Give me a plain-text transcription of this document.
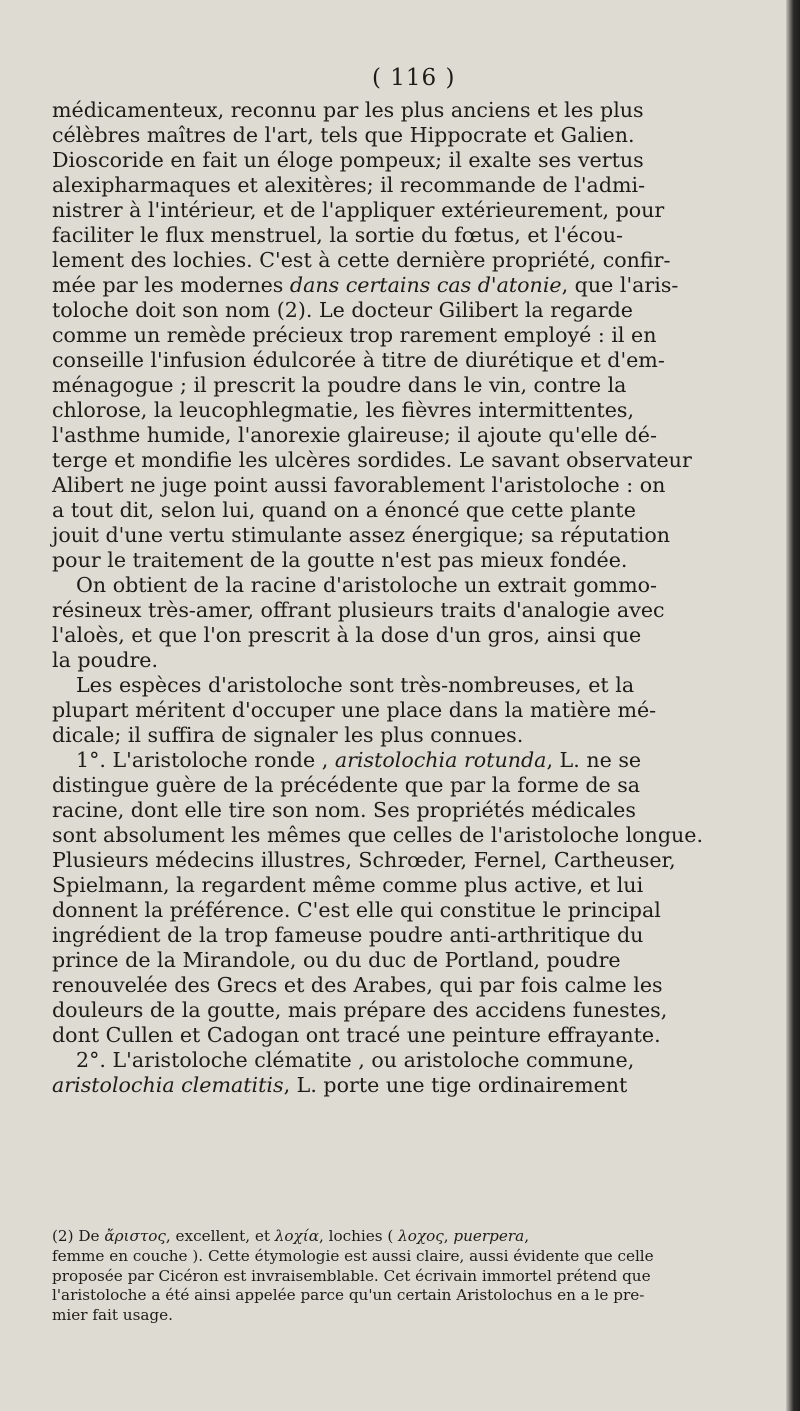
( 116 )

médicamenteux, reconnu par les plus anciens et les plus
célèbres maîtres de l'art, tels que Hippocrate et Galien.
Dioscoride en fait un éloge pompeux; il exalte ses vertus
alexipharmaques et alexitères; il recommande de l'admi-
nistrer à l'intérieur, et de l'appliquer extérieurement, pour
faciliter le flux menstruel, la sortie du fœtus, et l'écou-
lement des lochies. C'est à cette dernière propriété, confir-
mée par les modernes dans certains cas d'atonie, que l'aris-
toloche doit son nom (2). Le docteur Gilibert la regarde
comme un remède précieux trop rarement employé : il en
conseille l'infusion édulcorée à titre de diurétique et d'em-
ménagogue ; il prescrit la poudre dans le vin, contre la
chlorose, la leucophlegmatie, les fièvres intermittentes,
l'asthme humide, l'anorexie glaireuse; il ajoute qu'elle dé-
terge et mondifie les ulcères sordides. Le savant observateur
Alibert ne juge point aussi favorablement l'aristoloche : on
a tout dit, selon lui, quand on a énoncé que cette plante
jouit d'une vertu stimulante assez énergique; sa réputation
pour le traitement de la goutte n'est pas mieux fondée.
On obtient de la racine d'aristoloche un extrait gommo-
résineux très-amer, offrant plusieurs traits d'analogie avec
l'aloès, et que l'on prescrit à la dose d'un gros, ainsi que
la poudre.
Les espèces d'aristoloche sont très-nombreuses, et la
plupart méritent d'occuper une place dans la matière mé-
dicale; il suffira de signaler les plus connues.
1°. L'aristoloche ronde , aristolochia rotunda, L. ne se
distingue guère de la précédente que par la forme de sa
racine, dont elle tire son nom. Ses propriétés médicales
sont absolument les mêmes que celles de l'aristoloche longue.
Plusieurs médecins illustres, Schrœder, Fernel, Cartheuser,
Spielmann, la regardent même comme plus active, et lui
donnent la préférence. C'est elle qui constitue le principal
ingrédient de la trop fameuse poudre anti-arthritique du
prince de la Mirandole, ou du duc de Portland, poudre
renouvelée des Grecs et des Arabes, qui par fois calme les
douleurs de la goutte, mais prépare des accidens funestes,
dont Cullen et Cadogan ont tracé une peinture effrayante.
2°. L'aristoloche clématite , ou aristoloche commune,
aristolochia clematitis, L. porte une tige ordinairement

(2) De ἄριστος, excellent, et λοχία, lochies ( λοχος, puerpera,
femme en couche ). Cette étymologie est aussi claire, aussi évidente que celle
proposée par Cicéron est invraisemblable. Cet écrivain immortel prétend que
l'aristoloche a été ainsi appelée parce qu'un certain Aristolochus en a le pre-
mier fait usage.
